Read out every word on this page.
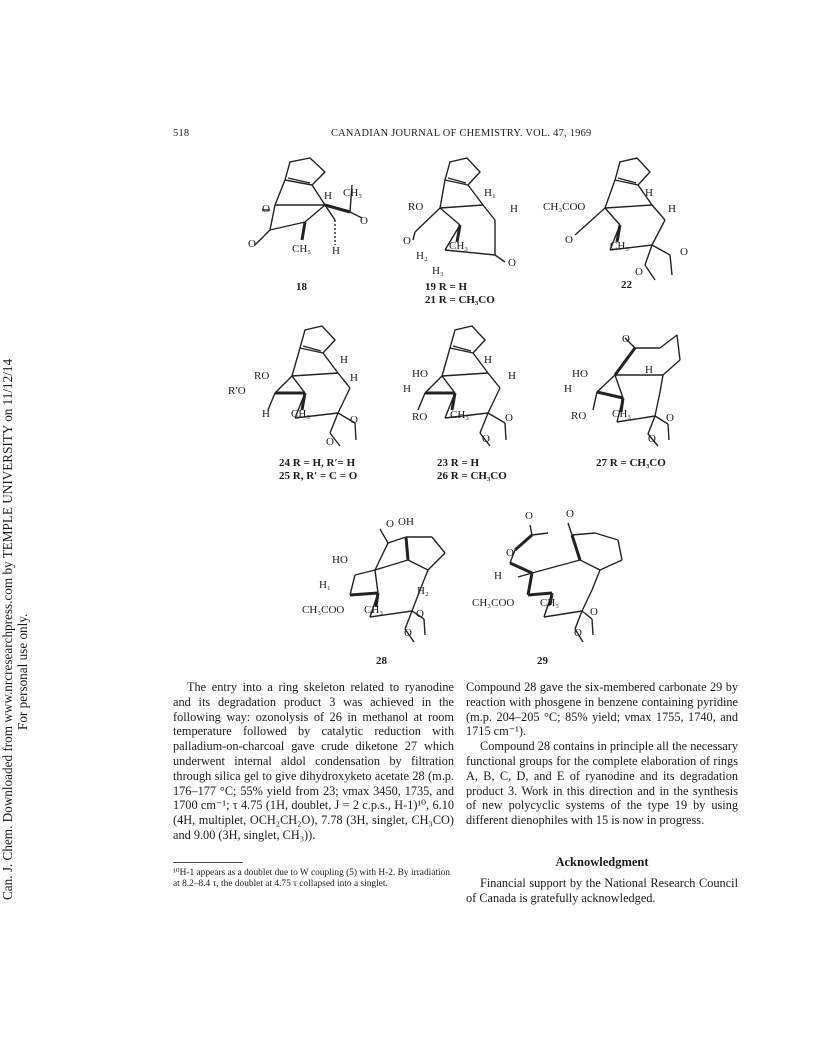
Can. J. Chem. Downloaded from www.nrcresearchpress.com by TEMPLE UNIVERSITY on 11/12/14 For personal use only.
518	CANADIAN JOURNAL OF CHEMISTRY. VOL. 47, 1969
H CH₃
O
O
O
CH₃ H
18
RO
H₁
H
O	CH₃
H₂
H₃
O
19 R = H
21 R = CH₃CO
CH₃COO
H
H
O	CH₃	O
O
22
RO
R′O
H
H
H
CH₃	O
O
24 R = H, R′= H
25 R, R′ = C = O
HO
H
RO
H
H
CH₃	O
O
23 R = H
26 R = CH₃CO
O
HO
H
RO
H
CH₃	O
O
27 R = CH₃CO
O OH
HO
H₁	H₂
CH₃COO CH₃	O
O
28
O	O
O
H
CH₃COO CH₃
O
O
29

The entry into a ring skeleton related to ryanodine and its degradation product 3 was achieved in the following way: ozonolysis of 26 in methanol at room temperature followed by catalytic reduction with palladium-on-charcoal gave crude diketone 27 which underwent internal aldol condensation by filtration through silica gel to give dihydroxyketo acetate 28 (m.p. 176–177 °C; 55% yield from 23; νmax 3450, 1735, and 1700 cm⁻¹; τ 4.75 (1H, doublet, J = 2 c.p.s., H-1)¹⁰, 6.10 (4H, multiplet, OCH₂CH₂O), 7.78 (3H, singlet, CH₃CO) and 9.00 (3H, singlet, CH₃)).

¹⁰H-1 appears as a doublet due to W coupling (5) with H-2. By irradiation at 8.2–8.4 τ, the doublet at 4.75 τ collapsed into a singlet.

Compound 28 gave the six-membered carbonate 29 by reaction with phosgene in benzene containing pyridine (m.p. 204–205 °C; 85% yield; νmax 1755, 1740, and 1715 cm⁻¹).

Compound 28 contains in principle all the necessary functional groups for the complete elaboration of rings A, B, C, D, and E of ryanodine and its degradation product 3. Work in this direction and in the synthesis of new polycyclic systems of the type 19 by using different dienophiles with 15 is now in progress.

Acknowledgment

Financial support by the National Research Council of Canada is gratefully acknowledged.
